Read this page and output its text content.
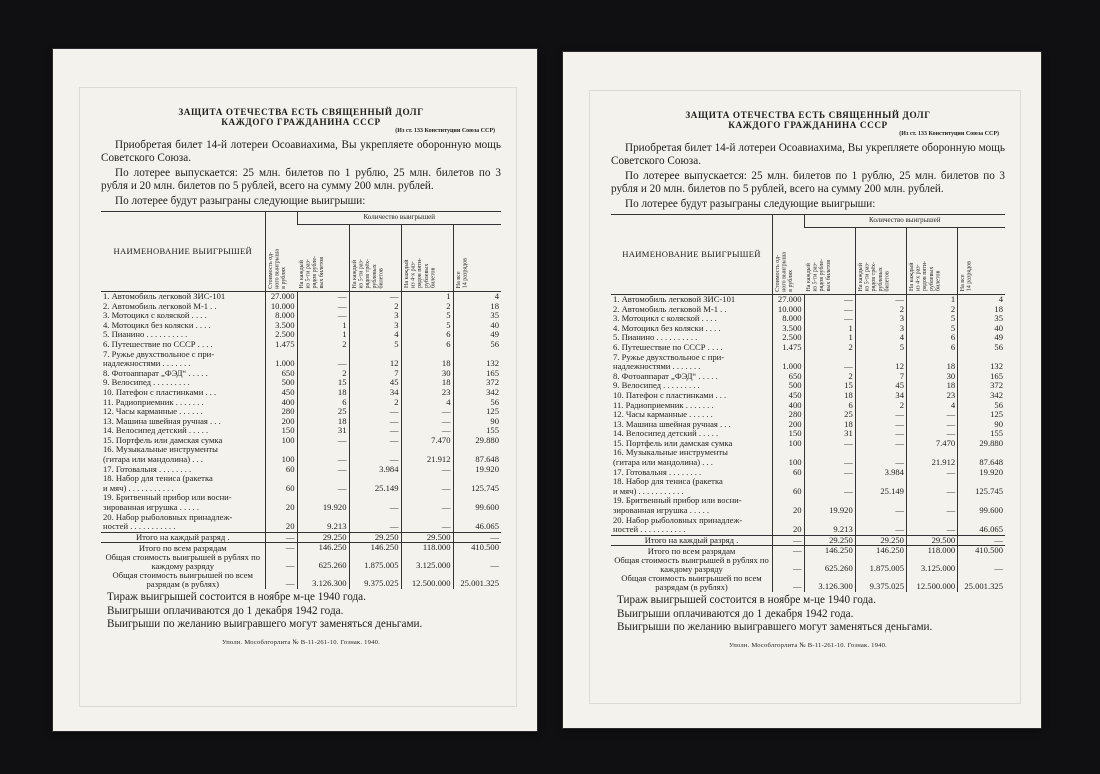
ЗАЩИТА ОТЕЧЕСТВА ЕСТЬ СВЯЩЕННЫЙ ДОЛГ
КАЖДОГО ГРАЖДАНИНА СССР
(Из ст. 133 Конституции Союза ССР)

Приобретая билет 14-й лотереи Осоавиахима, Вы укрепляете оборонную мощь Советского Союза.

По лотерее выпускается: 25 млн. билетов по 1 рублю, 25 млн. билетов по 3 рубля и 20 млн. билетов по 5 рублей, всего на сумму 200 млн. рублей.

По лотерее будут разыграны следующие выигрыши:

НАИМЕНОВАНИЕ ВЫИГРЫШЕЙ	Стоимость од-
ного выигрыша
в рублях	Количество выигрышей			
		На каждый
из 5-ти раз-
рядов рубле-
вых билетов	На каждый
из 5-ти раз-
рядов трёх-
рублевых
билетов	На каждый
из 4-х раз-
рядов пяти-
рублевых
билетов	На все
14 разрядов
1. Автомобиль легковой ЗИС-101	27.000	—	—	1	4
2. Автомобиль легковой М-1 . .	10.000	—	2	2	18
3. Мотоцикл с коляской . . . .	8.000	—	3	5	35
4. Мотоцикл без коляски . . . .	3.500	1	3	5	40
5. Пианино . . . . . . . . . .	2.500	1	4	6	49
6. Путешествие по СССР . . . .	1.475	2	5	6	56
7. Ружье двухствольное с при-					
надлежностями . . . . . . .	1.000	—	12	18	132
8. Фотоаппарат „ФЭД“ . . . . .	650	2	7	30	165
9. Велосипед . . . . . . . . .	500	15	45	18	372
10. Патефон с пластинками . . .	450	18	34	23	342
11. Радиоприемник . . . . . . .	400	6	2	4	56
12. Часы карманные . . . . . .	280	25	—	—	125
13. Машина швейная ручная . . .	200	18	—	—	90
14. Велосипед детский . . . . .	150	31	—	—	155
15. Портфель или дамская сумка	100	—	—	7.470	29.880
16. Музыкальные инструменты					
(гитара или мандолина) . . .	100	—	—	21.912	87.648
17. Готовальня . . . . . . . .	60	—	3.984	—	19.920
18. Набор для тениса (ракетка					
и мяч) . . . . . . . . . . .	60	—	25.149	—	125.745
19. Бритвенный прибор или восни-					
зированная игрушка . . . . .	20	19.920	—	—	99.600
20. Набор рыболовных принадлеж-					
ностей . . . . . . . . . . .	20	9.213	—	—	46.065
Итого на каждый разряд .	—	29.250	29.250	29.500	—
Итого по всем разрядам	—	146.250	146.250	118.000	410.500
Общая стоимость выигрышей в рублях по каждому разряду	—	625.260	1.875.005	3.125.000	—
Общая стоимость выигрышей по всем разрядам (в рублях)	—	3.126.300	9.375.025	12.500.000	25.001.325

Тираж выигрышей состоится в ноябре м-це 1940 года.

Выигрыши оплачиваются до 1 декабря 1942 года.

Выигрыши по желанию выигравшего могут заменяться деньгами.

Уполн. Мособлгорлита № В-11-261-10. Гознак. 1940.
ЗАЩИТА ОТЕЧЕСТВА ЕСТЬ СВЯЩЕННЫЙ ДОЛГ
КАЖДОГО ГРАЖДАНИНА СССР
(Из ст. 133 Конституции Союза ССР)

Приобретая билет 14-й лотереи Осоавиахима, Вы укрепляете оборонную мощь Советского Союза.

По лотерее выпускается: 25 млн. билетов по 1 рублю, 25 млн. билетов по 3 рубля и 20 млн. билетов по 5 рублей, всего на сумму 200 млн. рублей.

По лотерее будут разыграны следующие выигрыши:

НАИМЕНОВАНИЕ ВЫИГРЫШЕЙ	Стоимость од-
ного выигрыша
в рублях	Количество выигрышей			
		На каждый
из 5-ти раз-
рядов рубле-
вых билетов	На каждый
из 5-ти раз-
рядов трёх-
рублевых
билетов	На каждый
из 4-х раз-
рядов пяти-
рублевых
билетов	На все
14 разрядов
1. Автомобиль легковой ЗИС-101	27.000	—	—	1	4
2. Автомобиль легковой М-1 . .	10.000	—	2	2	18
3. Мотоцикл с коляской . . . .	8.000	—	3	5	35
4. Мотоцикл без коляски . . . .	3.500	1	3	5	40
5. Пианино . . . . . . . . . .	2.500	1	4	6	49
6. Путешествие по СССР . . . .	1.475	2	5	6	56
7. Ружье двухствольное с при-					
надлежностями . . . . . . .	1.000	—	12	18	132
8. Фотоаппарат „ФЭД“ . . . . .	650	2	7	30	165
9. Велосипед . . . . . . . . .	500	15	45	18	372
10. Патефон с пластинками . . .	450	18	34	23	342
11. Радиоприемник . . . . . . .	400	6	2	4	56
12. Часы карманные . . . . . .	280	25	—	—	125
13. Машина швейная ручная . . .	200	18	—	—	90
14. Велосипед детский . . . . .	150	31	—	—	155
15. Портфель или дамская сумка	100	—	—	7.470	29.880
16. Музыкальные инструменты					
(гитара или мандолина) . . .	100	—	—	21.912	87.648
17. Готовальня . . . . . . . .	60	—	3.984	—	19.920
18. Набор для тениса (ракетка					
и мяч) . . . . . . . . . . .	60	—	25.149	—	125.745
19. Бритвенный прибор или восни-					
зированная игрушка . . . . .	20	19.920	—	—	99.600
20. Набор рыболовных принадлеж-					
ностей . . . . . . . . . . .	20	9.213	—	—	46.065
Итого на каждый разряд .	—	29.250	29.250	29.500	—
Итого по всем разрядам	—	146.250	146.250	118.000	410.500
Общая стоимость выигрышей в рублях по каждому разряду	—	625.260	1.875.005	3.125.000	—
Общая стоимость выигрышей по всем разрядам (в рублях)	—	3.126.300	9.375.025	12.500.000	25.001.325

Тираж выигрышей состоится в ноябре м-це 1940 года.

Выигрыши оплачиваются до 1 декабря 1942 года.

Выигрыши по желанию выигравшего могут заменяться деньгами.

Уполн. Мособлгорлита № В-11-261-10. Гознак. 1940.
